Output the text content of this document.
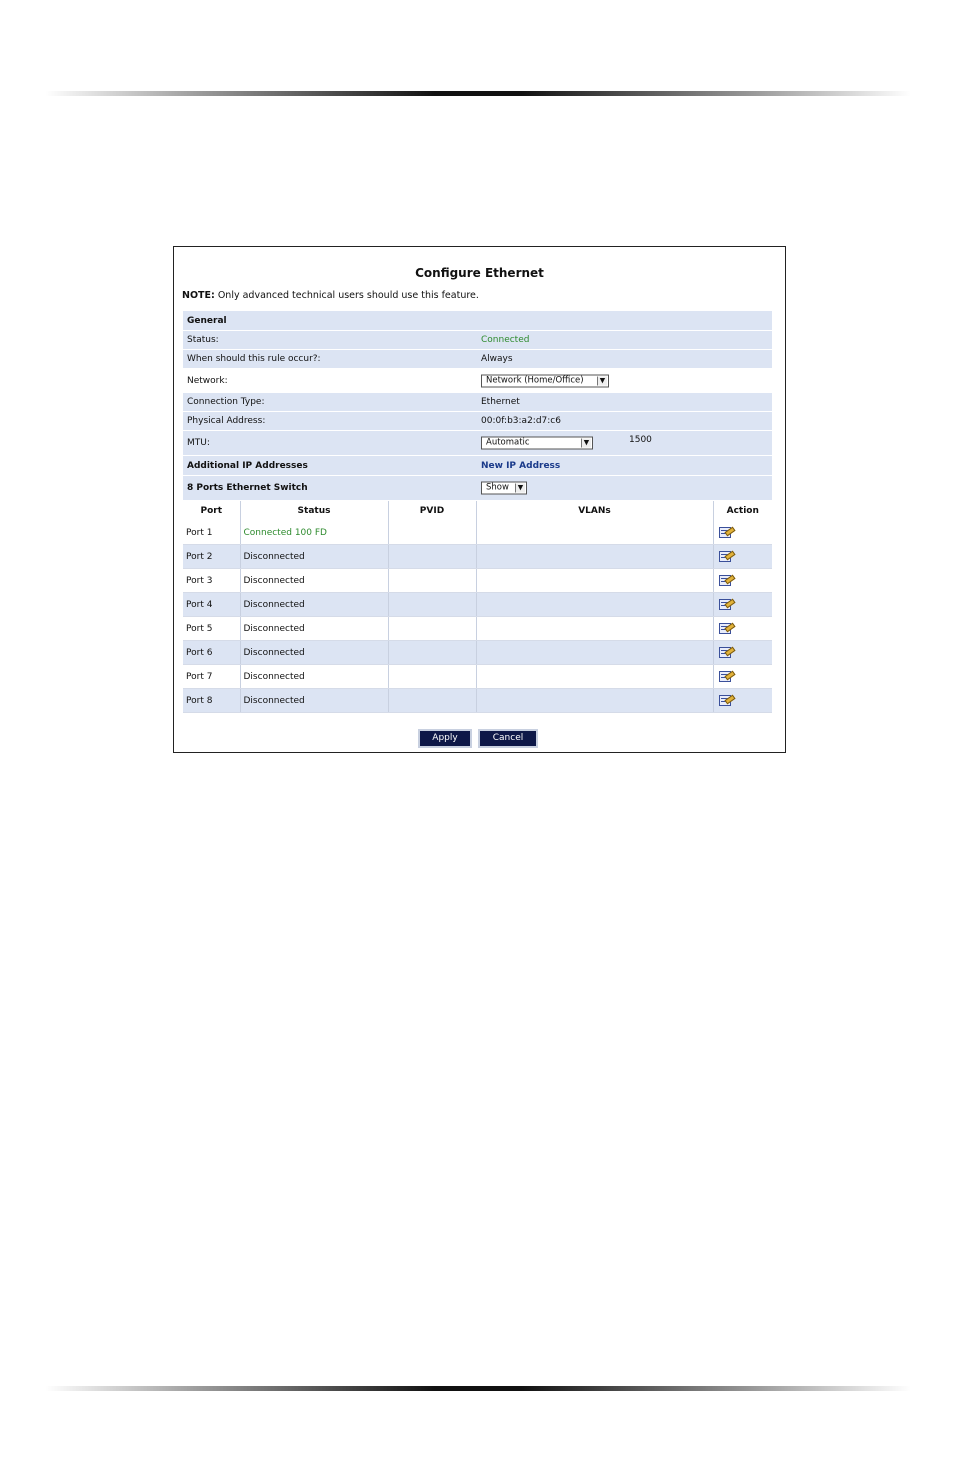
Configure Ethernet
NOTE: Only advanced technical users should use this feature.
General
Status:	Connected
When should this rule occur?:	Always
Network:	Network (Home/Office)	▼
Connection Type:	Ethernet
Physical Address:	00:0f:b3:a2:d7:c6
MTU:	Automatic	▼	1500
Additional IP Addresses	New IP Address
8 Ports Ethernet Switch	Show	▼
Port	Status	PVID	VLANs	Action
Port 1	Connected 100 FD			

Port 2	Disconnected			

Port 3	Disconnected			

Port 4	Disconnected			

Port 5	Disconnected			

Port 6	Disconnected			

Port 7	Disconnected			

Port 8	Disconnected			
Apply	Cancel
